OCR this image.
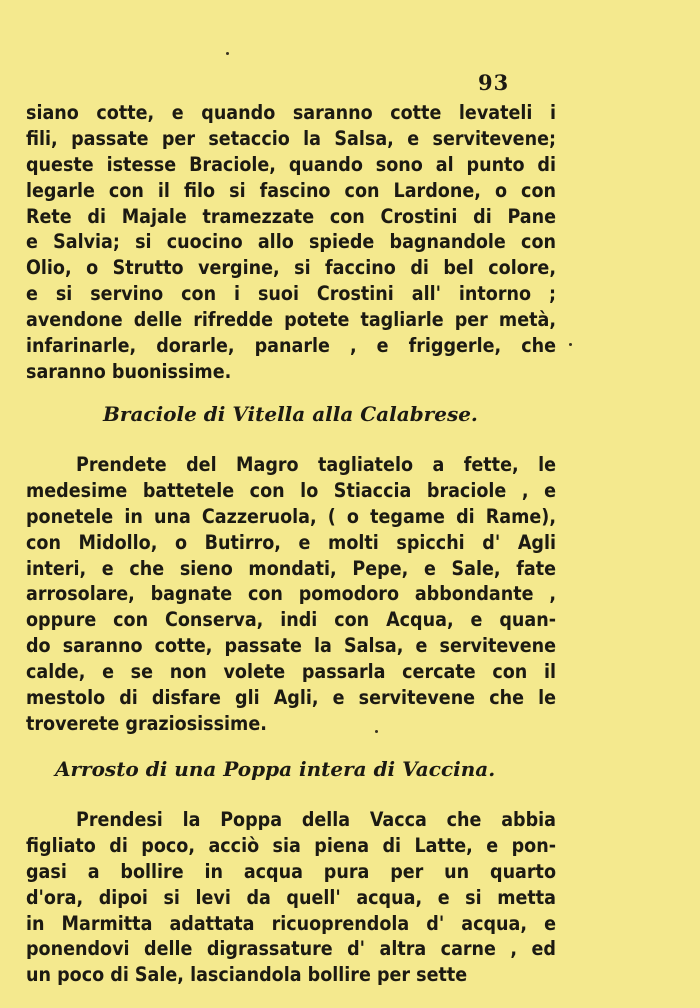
93
siano cotte, e quando saranno cotte levateli i
fili, passate per setaccio la Salsa, e servitevene;
queste istesse Braciole, quando sono al punto di
legarle con il filo si fascino con Lardone, o con
Rete di Majale tramezzate con Crostini di Pane
e Salvia; si cuocino allo spiede bagnandole con
Olio, o Strutto vergine, si faccino di bel colore,
e si servino con i suoi Crostini all' intorno ;
avendone delle rifredde potete tagliarle per metà,
infarinarle, dorarle, panarle , e friggerle, che
saranno buonissime.
Braciole di Vitella alla Calabrese.
Prendete del Magro tagliatelo a fette, le
medesime battetele con lo Stiaccia braciole , e
ponetele in una Cazzeruola, ( o tegame di Rame),
con Midollo, o Butirro, e molti spicchi d' Agli
interi, e che sieno mondati, Pepe, e Sale, fate
arrosolare, bagnate con pomodoro abbondante ,
oppure con Conserva, indi con Acqua, e quan-
do saranno cotte, passate la Salsa, e servitevene
calde, e se non volete passarla cercate con il
mestolo di disfare gli Agli, e servitevene che le
troverete graziosissime.
Arrosto di una Poppa intera di Vaccina.
Prendesi la Poppa della Vacca che abbia
figliato di poco, acciò sia piena di Latte, e pon-
gasi a bollire in acqua pura per un quarto
d'ora, dipoi si levi da quell' acqua, e si metta
in Marmitta adattata ricuoprendola d' acqua, e
ponendovi delle digrassature d' altra carne , ed
un poco di Sale, lasciandola bollire per sette
